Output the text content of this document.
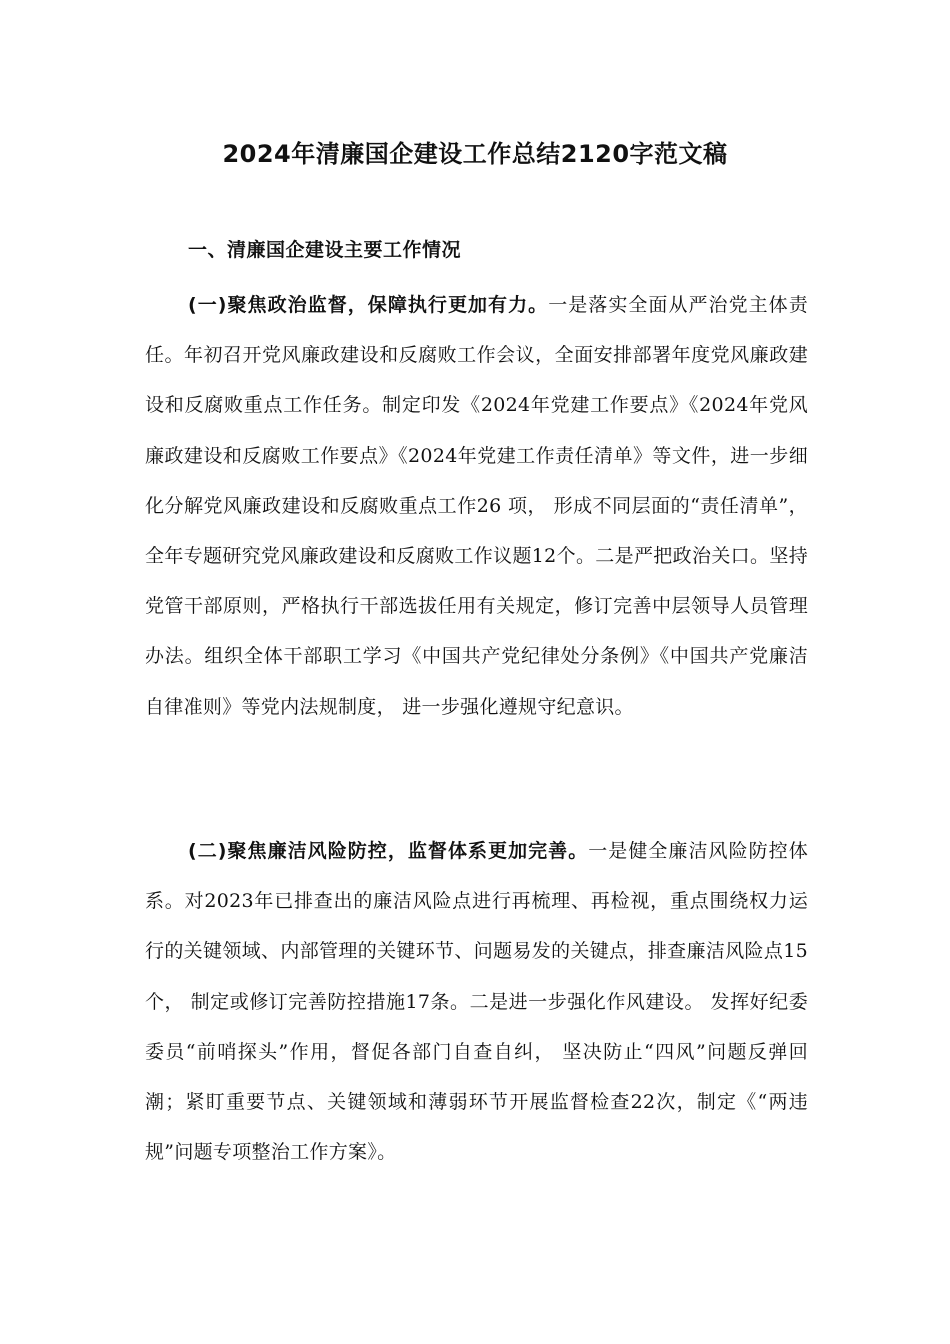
2024年清廉国企建设工作总结2120字范文稿
一、清廉国企建设主要工作情况

(一)聚焦政治监督，保障执行更加有力。一是落实全面从严治党主体责任。年初召开党风廉政建设和反腐败工作会议，全面安排部署年度党风廉政建设和反腐败重点工作任务。制定印发《2024年党建工作要点》《2024年党风廉政建设和反腐败工作要点》《2024年党建工作责任清单》等文件，进一步细化分解党风廉政建设和反腐败重点工作26 项， 形成不同层面的“责任清单”，全年专题研究党风廉政建设和反腐败工作议题12个。二是严把政治关口。坚持党管干部原则，严格执行干部选拔任用有关规定，修订完善中层领导人员管理办法。组织全体干部职工学习《中国共产党纪律处分条例》《中国共产党廉洁自律准则》等党内法规制度， 进一步强化遵规守纪意识。

(二)聚焦廉洁风险防控，监督体系更加完善。一是健全廉洁风险防控体系。对2023年已排查出的廉洁风险点进行再梳理、再检视，重点围绕权力运行的关键领域、内部管理的关键环节、问题易发的关键点，排查廉洁风险点15个， 制定或修订完善防控措施17条。二是进一步强化作风建设。 发挥好纪委委员“前哨探头”作用，督促各部门自查自纠， 坚决防止“四风”问题反弹回潮；紧盯重要节点、关键领域和薄弱环节开展监督检查22次，制定《“两违规”问题专项整治工作方案》。
